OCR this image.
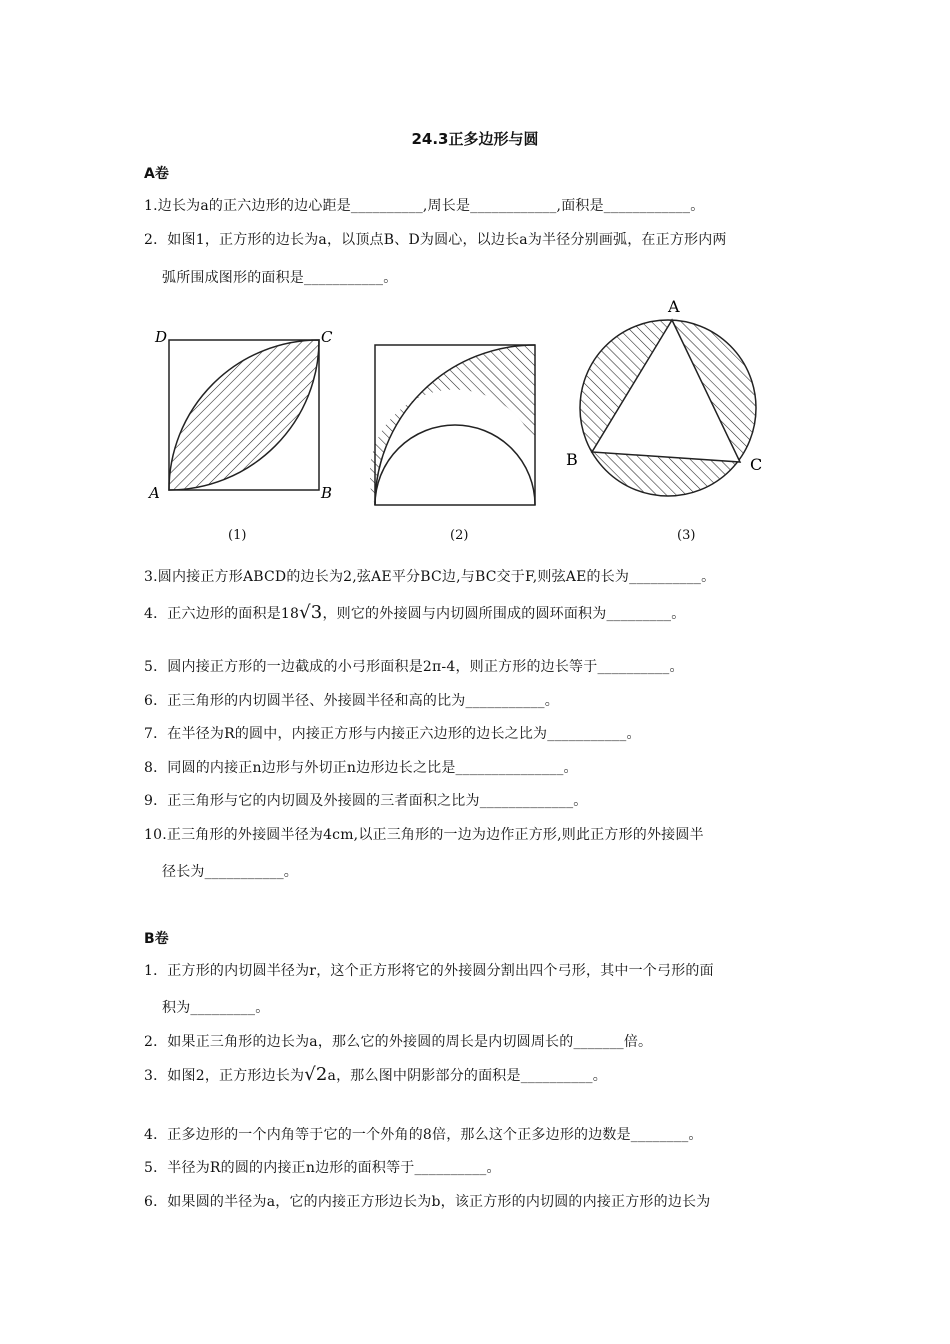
24.3正多边形与圆
A卷
1.边长为a的正六边形的边心距是__________,周长是____________,面积是____________。
2．如图1，正方形的边长为a，以顶点B、D为圆心，以边长a为半径分别画弧，在正方形内两
弧所围成图形的面积是___________。
D	C
A	B
A
B	C
(1)	(2)	(3)
3.圆内接正方形ABCD的边长为2,弦AE平分BC边,与BC交于F,则弦AE的长为__________。
4．正六边形的面积是18√3，则它的外接圆与内切圆所围成的圆环面积为_________。
5．圆内接正方形的一边截成的小弓形面积是2π-4，则正方形的边长等于__________。
6．正三角形的内切圆半径、外接圆半径和高的比为___________。
7．在半径为R的圆中，内接正方形与内接正六边形的边长之比为___________。
8．同圆的内接正n边形与外切正n边形边长之比是_______________。
9．正三角形与它的内切圆及外接圆的三者面积之比为_____________。
10.正三角形的外接圆半径为4cm,以正三角形的一边为边作正方形,则此正方形的外接圆半
径长为___________。
B卷
1．正方形的内切圆半径为r，这个正方形将它的外接圆分割出四个弓形，其中一个弓形的面
积为_________。
2．如果正三角形的边长为a，那么它的外接圆的周长是内切圆周长的_______倍。
3．如图2，正方形边长为√2a，那么图中阴影部分的面积是__________。
4．正多边形的一个内角等于它的一个外角的8倍，那么这个正多边形的边数是________。
5．半径为R的圆的内接正n边形的面积等于__________。
6．如果圆的半径为a，它的内接正方形边长为b，该正方形的内切圆的内接正方形的边长为
